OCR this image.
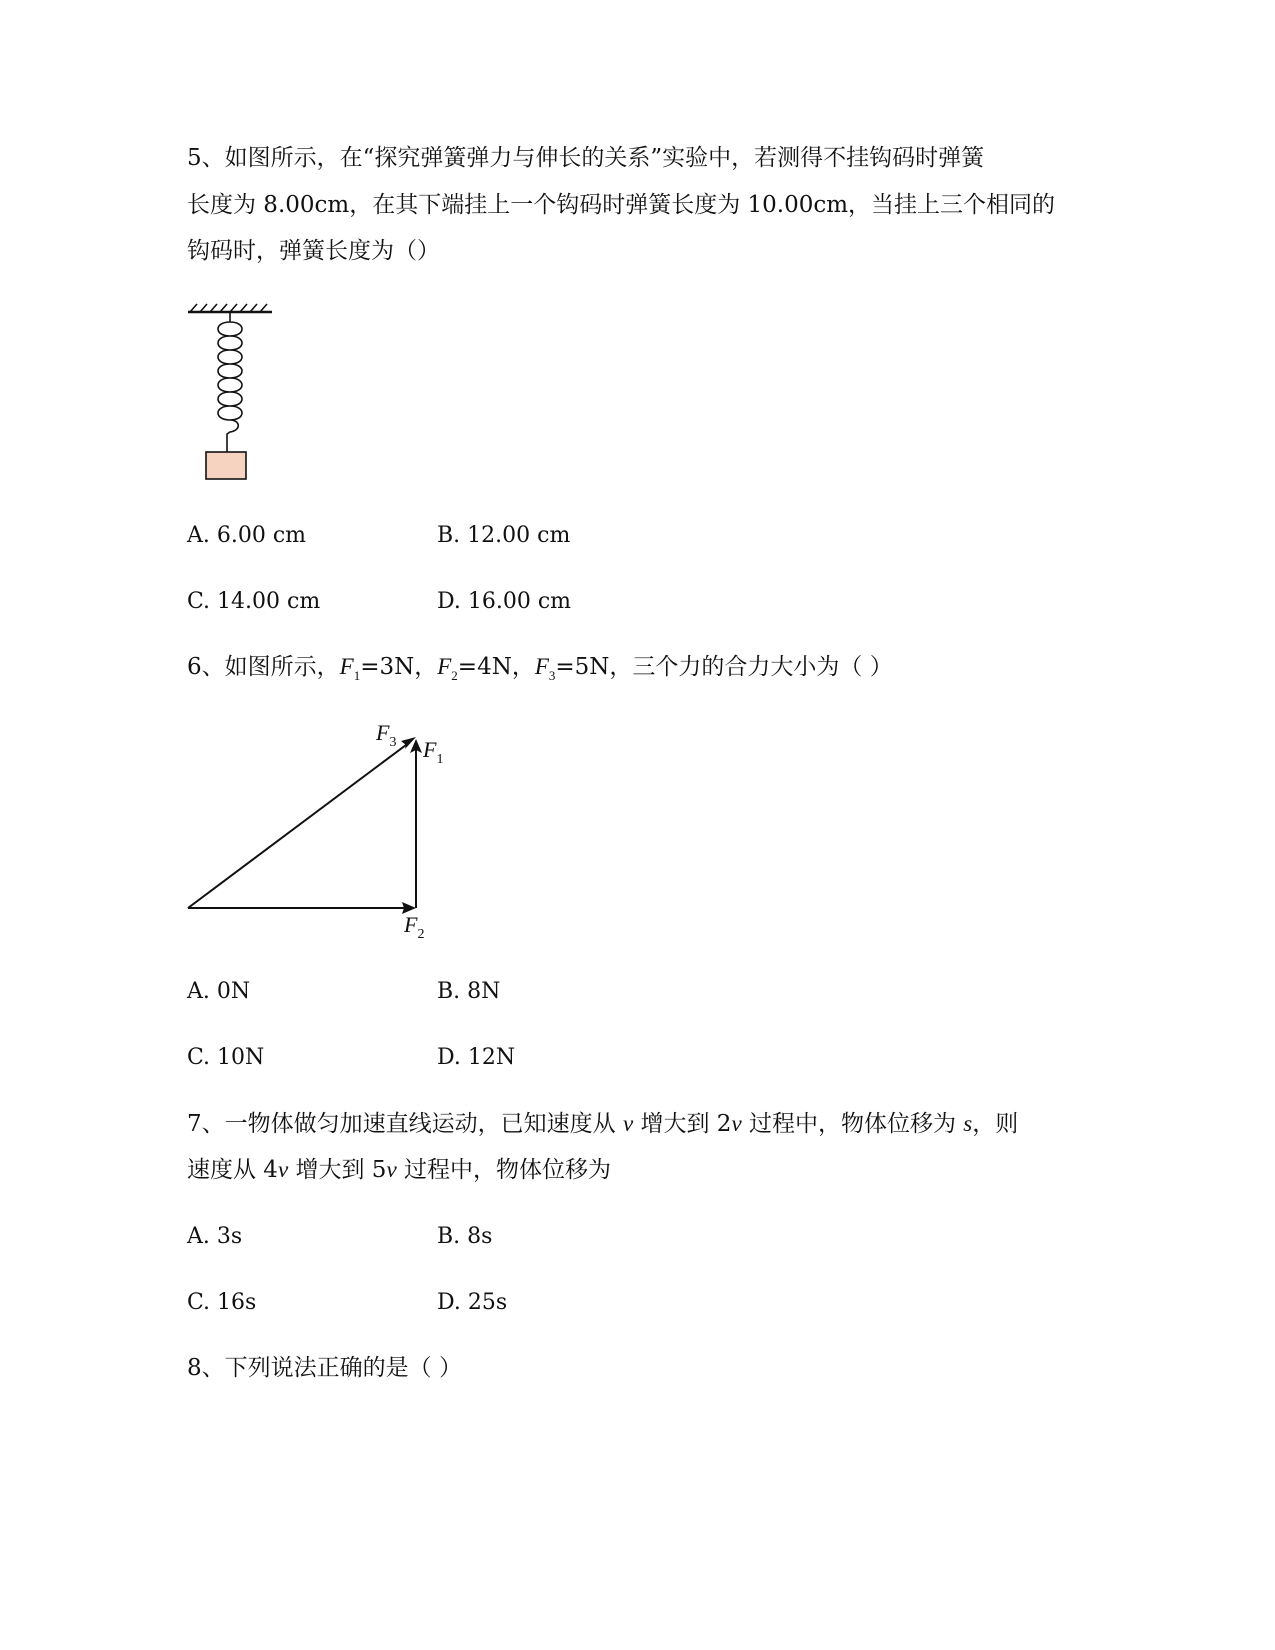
5、如图所示，在“探究弹簧弹力与伸长的关系”实验中，若测得不挂钩码时弹簧
长度为 8.00cm，在其下端挂上一个钩码时弹簧长度为 10.00cm，当挂上三个相同的
钩码时，弹簧长度为（）
A. 6.00 cm	B. 12.00 cm
C. 14.00 cm	D. 16.00 cm
6、如图所示，$F_1=3N$，$F_2=4N$，$F_3=5N$，三个力的合力大小为（ ）
$F_3$ $F_1$
$F_2$
A. 0N	B. 8N
C. 10N	D. 12N
7、一物体做匀加速直线运动，已知速度从 v 增大到 2v 过程中，物体位移为 s，则
速度从 4v 增大到 5v 过程中，物体位移为
A. 3s	B. 8s
C. 16s	D. 25s
8、下列说法正确的是（ ）
